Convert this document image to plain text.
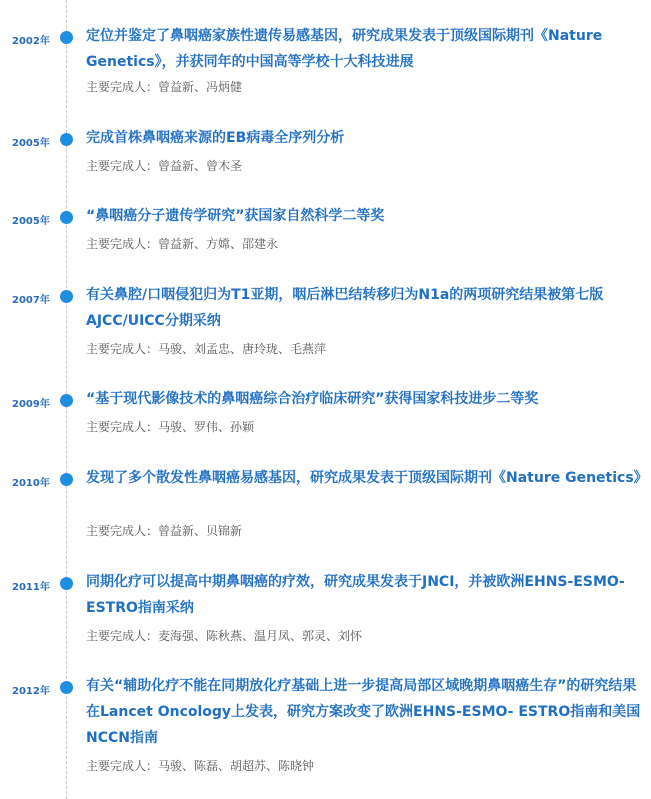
2002年	定位并鉴定了鼻咽癌家族性遗传易感基因，研究成果发表于顶级国际期刊《Nature Genetics》，并获同年的中国高等学校十大科技进展
主要完成人：曾益新、冯炳健
2005年	完成首株鼻咽癌来源的EB病毒全序列分析
主要完成人：曾益新、曾木圣
2005年	“鼻咽癌分子遗传学研究”获国家自然科学二等奖
主要完成人：曾益新、方嫦、邵建永
2007年	有关鼻腔/口咽侵犯归为T1亚期，咽后淋巴结转移归为N1a的两项研究结果被第七版AJCC/UICC分期采纳
主要完成人：马骏、刘孟忠、唐玲珑、毛燕萍
2009年	“基于现代影像技术的鼻咽癌综合治疗临床研究”获得国家科技进步二等奖
主要完成人：马骏、罗伟、孙颖
2010年	发现了多个散发性鼻咽癌易感基因，研究成果发表于顶级国际期刊《Nature Genetics》
主要完成人：曾益新、贝锦新
2011年	同期化疗可以提高中期鼻咽癌的疗效，研究成果发表于JNCI，并被欧洲EHNS-ESMO- ESTRO指南采纳
主要完成人：麦海强、陈秋燕、温月凤、郭灵、刘怀
2012年	有关“辅助化疗不能在同期放化疗基础上进一步提高局部区域晚期鼻咽癌生存”的研究结果在Lancet Oncology上发表，研究方案改变了欧洲EHNS-ESMO- ESTRO指南和美国NCCN指南
主要完成人：马骏、陈磊、胡超苏、陈晓钟
